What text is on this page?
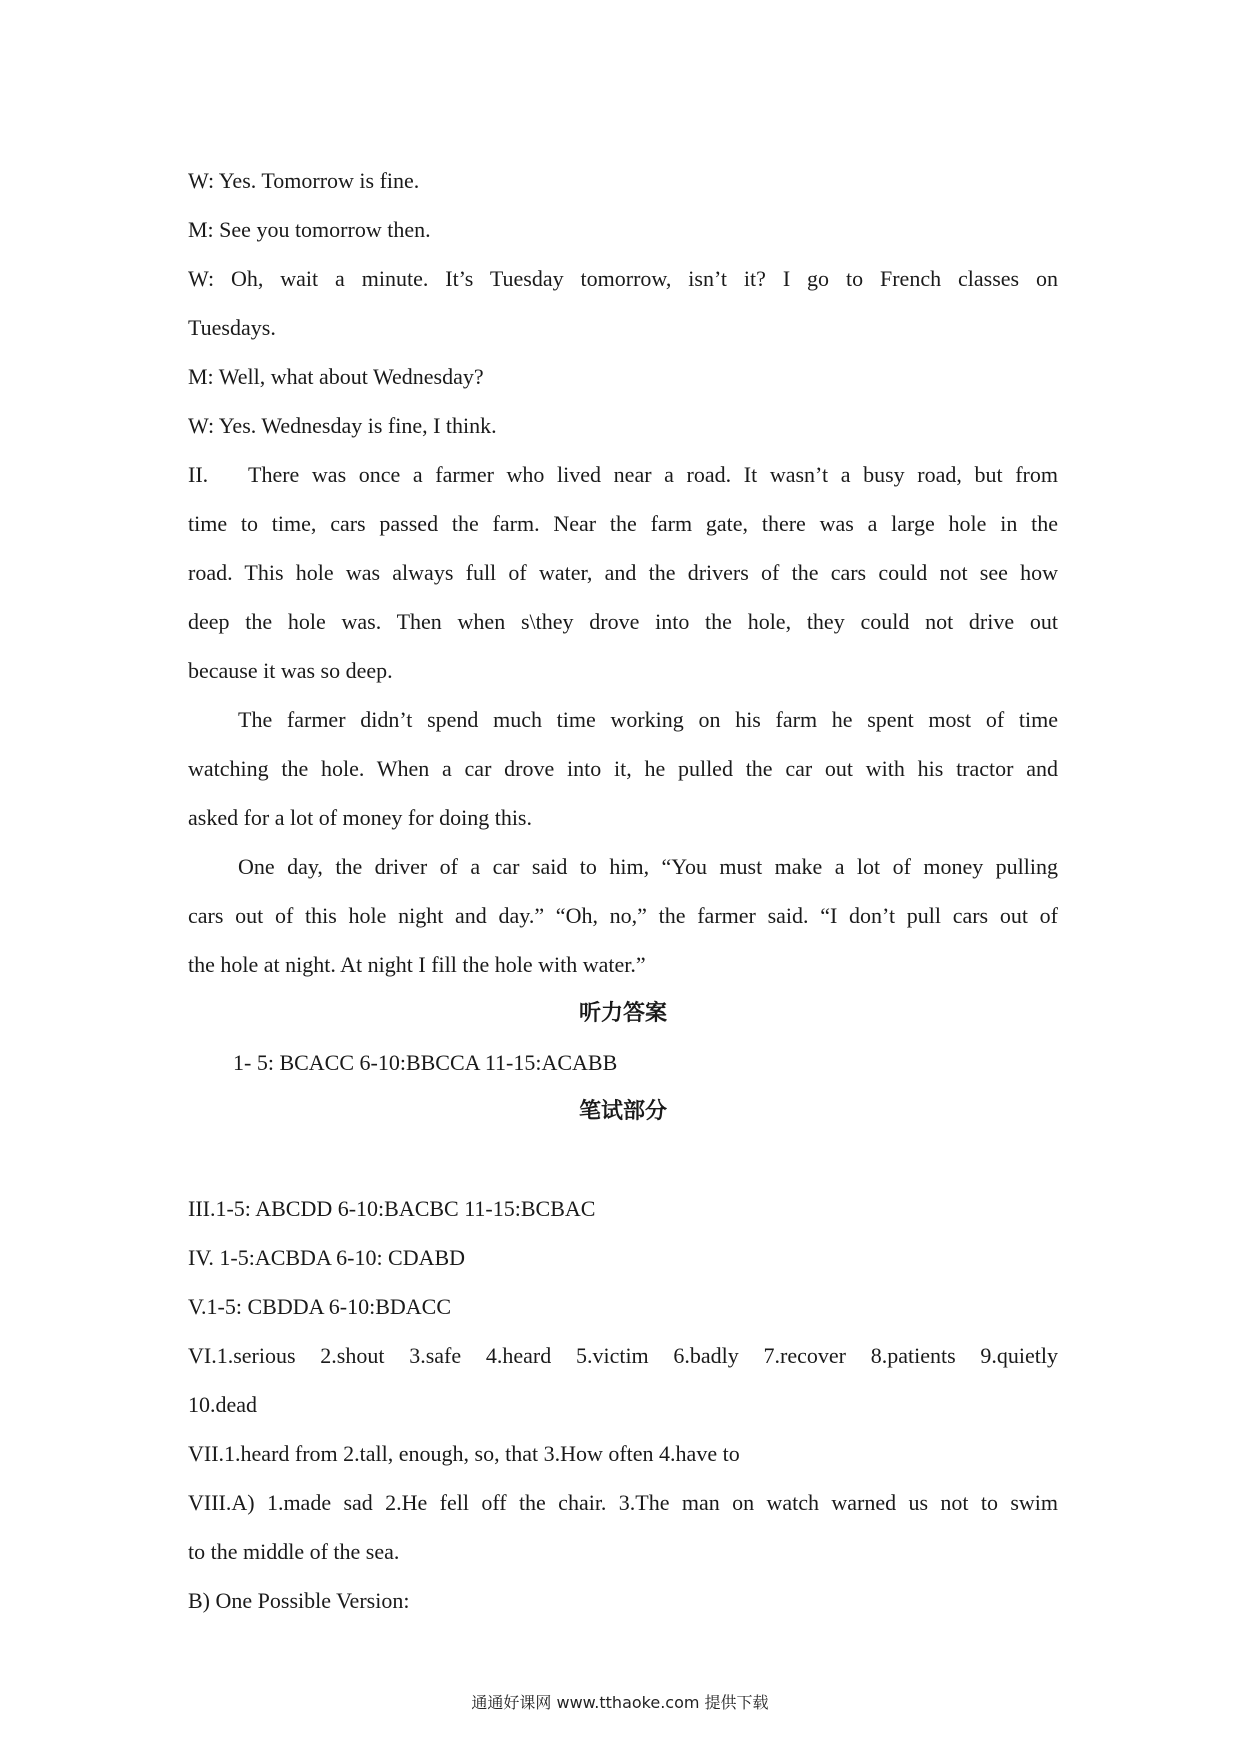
W: Yes. Tomorrow is fine.
M: See you tomorrow then.
W: Oh, wait a minute. It’s Tuesday tomorrow, isn’t it? I go to French classes on
Tuesdays.
M: Well, what about Wednesday?
W: Yes. Wednesday is fine, I think.
II. There was once a farmer who lived near a road. It wasn’t a busy road, but from
time to time, cars passed the farm. Near the farm gate, there was a large hole in the
road. This hole was always full of water, and the drivers of the cars could not see how
deep the hole was. Then when s\they drove into the hole, they could not drive out
because it was so deep.
The farmer didn’t spend much time working on his farm he spent most of time
watching the hole. When a car drove into it, he pulled the car out with his tractor and
asked for a lot of money for doing this.
One day, the driver of a car said to him, “You must make a lot of money pulling
cars out of this hole night and day.” “Oh, no,” the farmer said. “I don’t pull cars out of
the hole at night. At night I fill the hole with water.”
听力答案
1- 5: BCACC 6-10:BBCCA 11-15:ACABB
笔试部分
III.1-5: ABCDD 6-10:BACBC 11-15:BCBAC
IV. 1-5:ACBDA 6-10: CDABD
V.1-5: CBDDA 6-10:BDACC
VI.1.serious 2.shout 3.safe 4.heard 5.victim 6.badly 7.recover 8.patients 9.quietly
10.dead
VII.1.heard from 2.tall, enough, so, that 3.How often 4.have to
VIII.A) 1.made sad 2.He fell off the chair. 3.The man on watch warned us not to swim
to the middle of the sea.
B) One Possible Version:
通通好课网 www.tthaoke.com 提供下载
